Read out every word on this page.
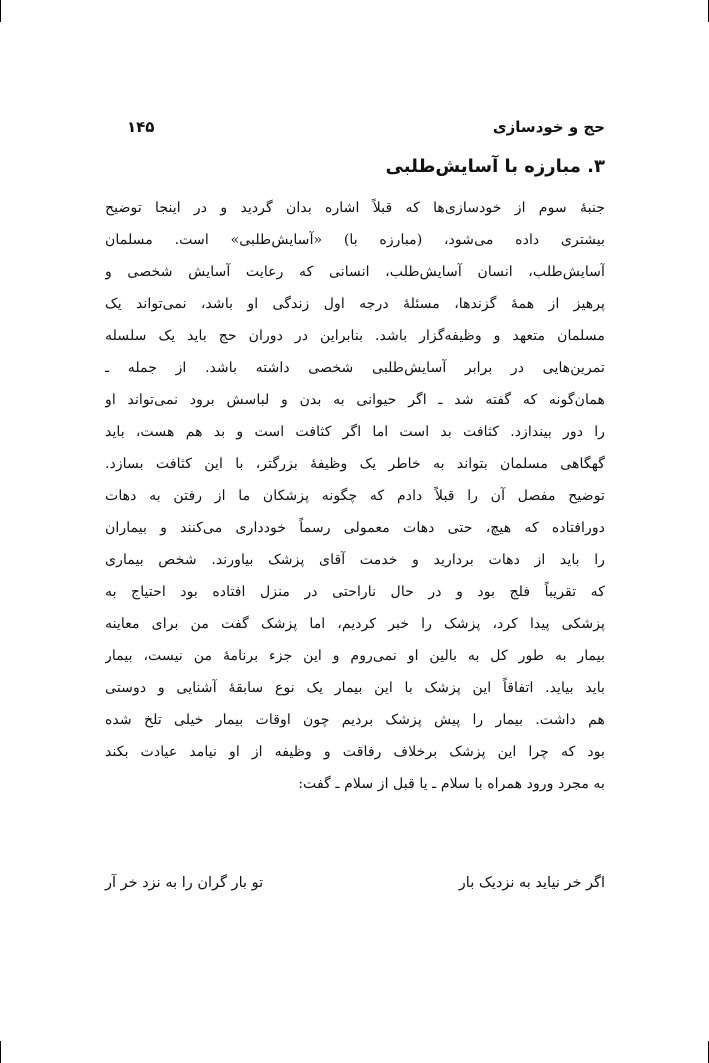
حج و خودسازی
۱۴۵
۳. مبارزه با آسایش‌طلبی
جنبهٔ سوم از خودسازی‌ها که قبلاً اشاره بدان گردید و در اینجا توضیح
بیشتری داده می‌شود، (مبارزه با) «آسایش‌طلبی» است. مسلمان
آسایش‌طلب، انسان آسایش‌طلب، انسانی که رعایت آسایش شخصی و
پرهیز از همهٔ گزندها، مسئلهٔ درجه اول زندگی او باشد، نمی‌تواند یک
مسلمان متعهد و وظیفه‌گزار باشد. بنابراین در دوران حج باید یک سلسله
تمرین‌هایی در برابر آسایش‌طلبی شخصی داشته باشد. از جمله ـ
همان‌گونه که گفته شد ـ اگر حیوانی به بدن و لباسش برود نمی‌تواند او
را دور بیندازد. کثافت بد است اما اگر کثافت است و بد هم هست، باید
گهگاهی مسلمان بتواند به خاطر یک وظیفهٔ بزرگتر، با این کثافت بسازد.
توضیح مفصل آن را قبلاً دادم که چگونه پزشکان ما از رفتن به دهات
دورافتاده که هیچ، حتی دهات معمولی رسماً خودداری می‌کنند و بیماران
را باید از دهات بردارید و خدمت آقای پزشک بیاورند. شخص بیماری
که تقریباً فلج بود و در حال ناراحتی در منزل افتاده بود احتیاج به
پزشکی پیدا کرد، پزشک را خبر کردیم، اما پزشک گفت من برای معاینه
بیمار به طور کل به بالین او نمی‌روم و این جزء برنامهٔ من نیست، بیمار
باید بیاید. اتفاقاً این پزشک با این بیمار یک نوع سابقهٔ آشنایی و دوستی
هم داشت. بیمار را پیش پزشک بردیم چون اوقات بیمار خیلی تلخ شده
بود که چرا این پزشک برخلاف رفاقت و وظیفه از او نیامد عیادت بکند
به مجرد ورود همراه با سلام ـ یا قبل از سلام ـ گفت:
اگر خر نیاید به نزدیک بار
تو بار گران را به نزد خر آر
